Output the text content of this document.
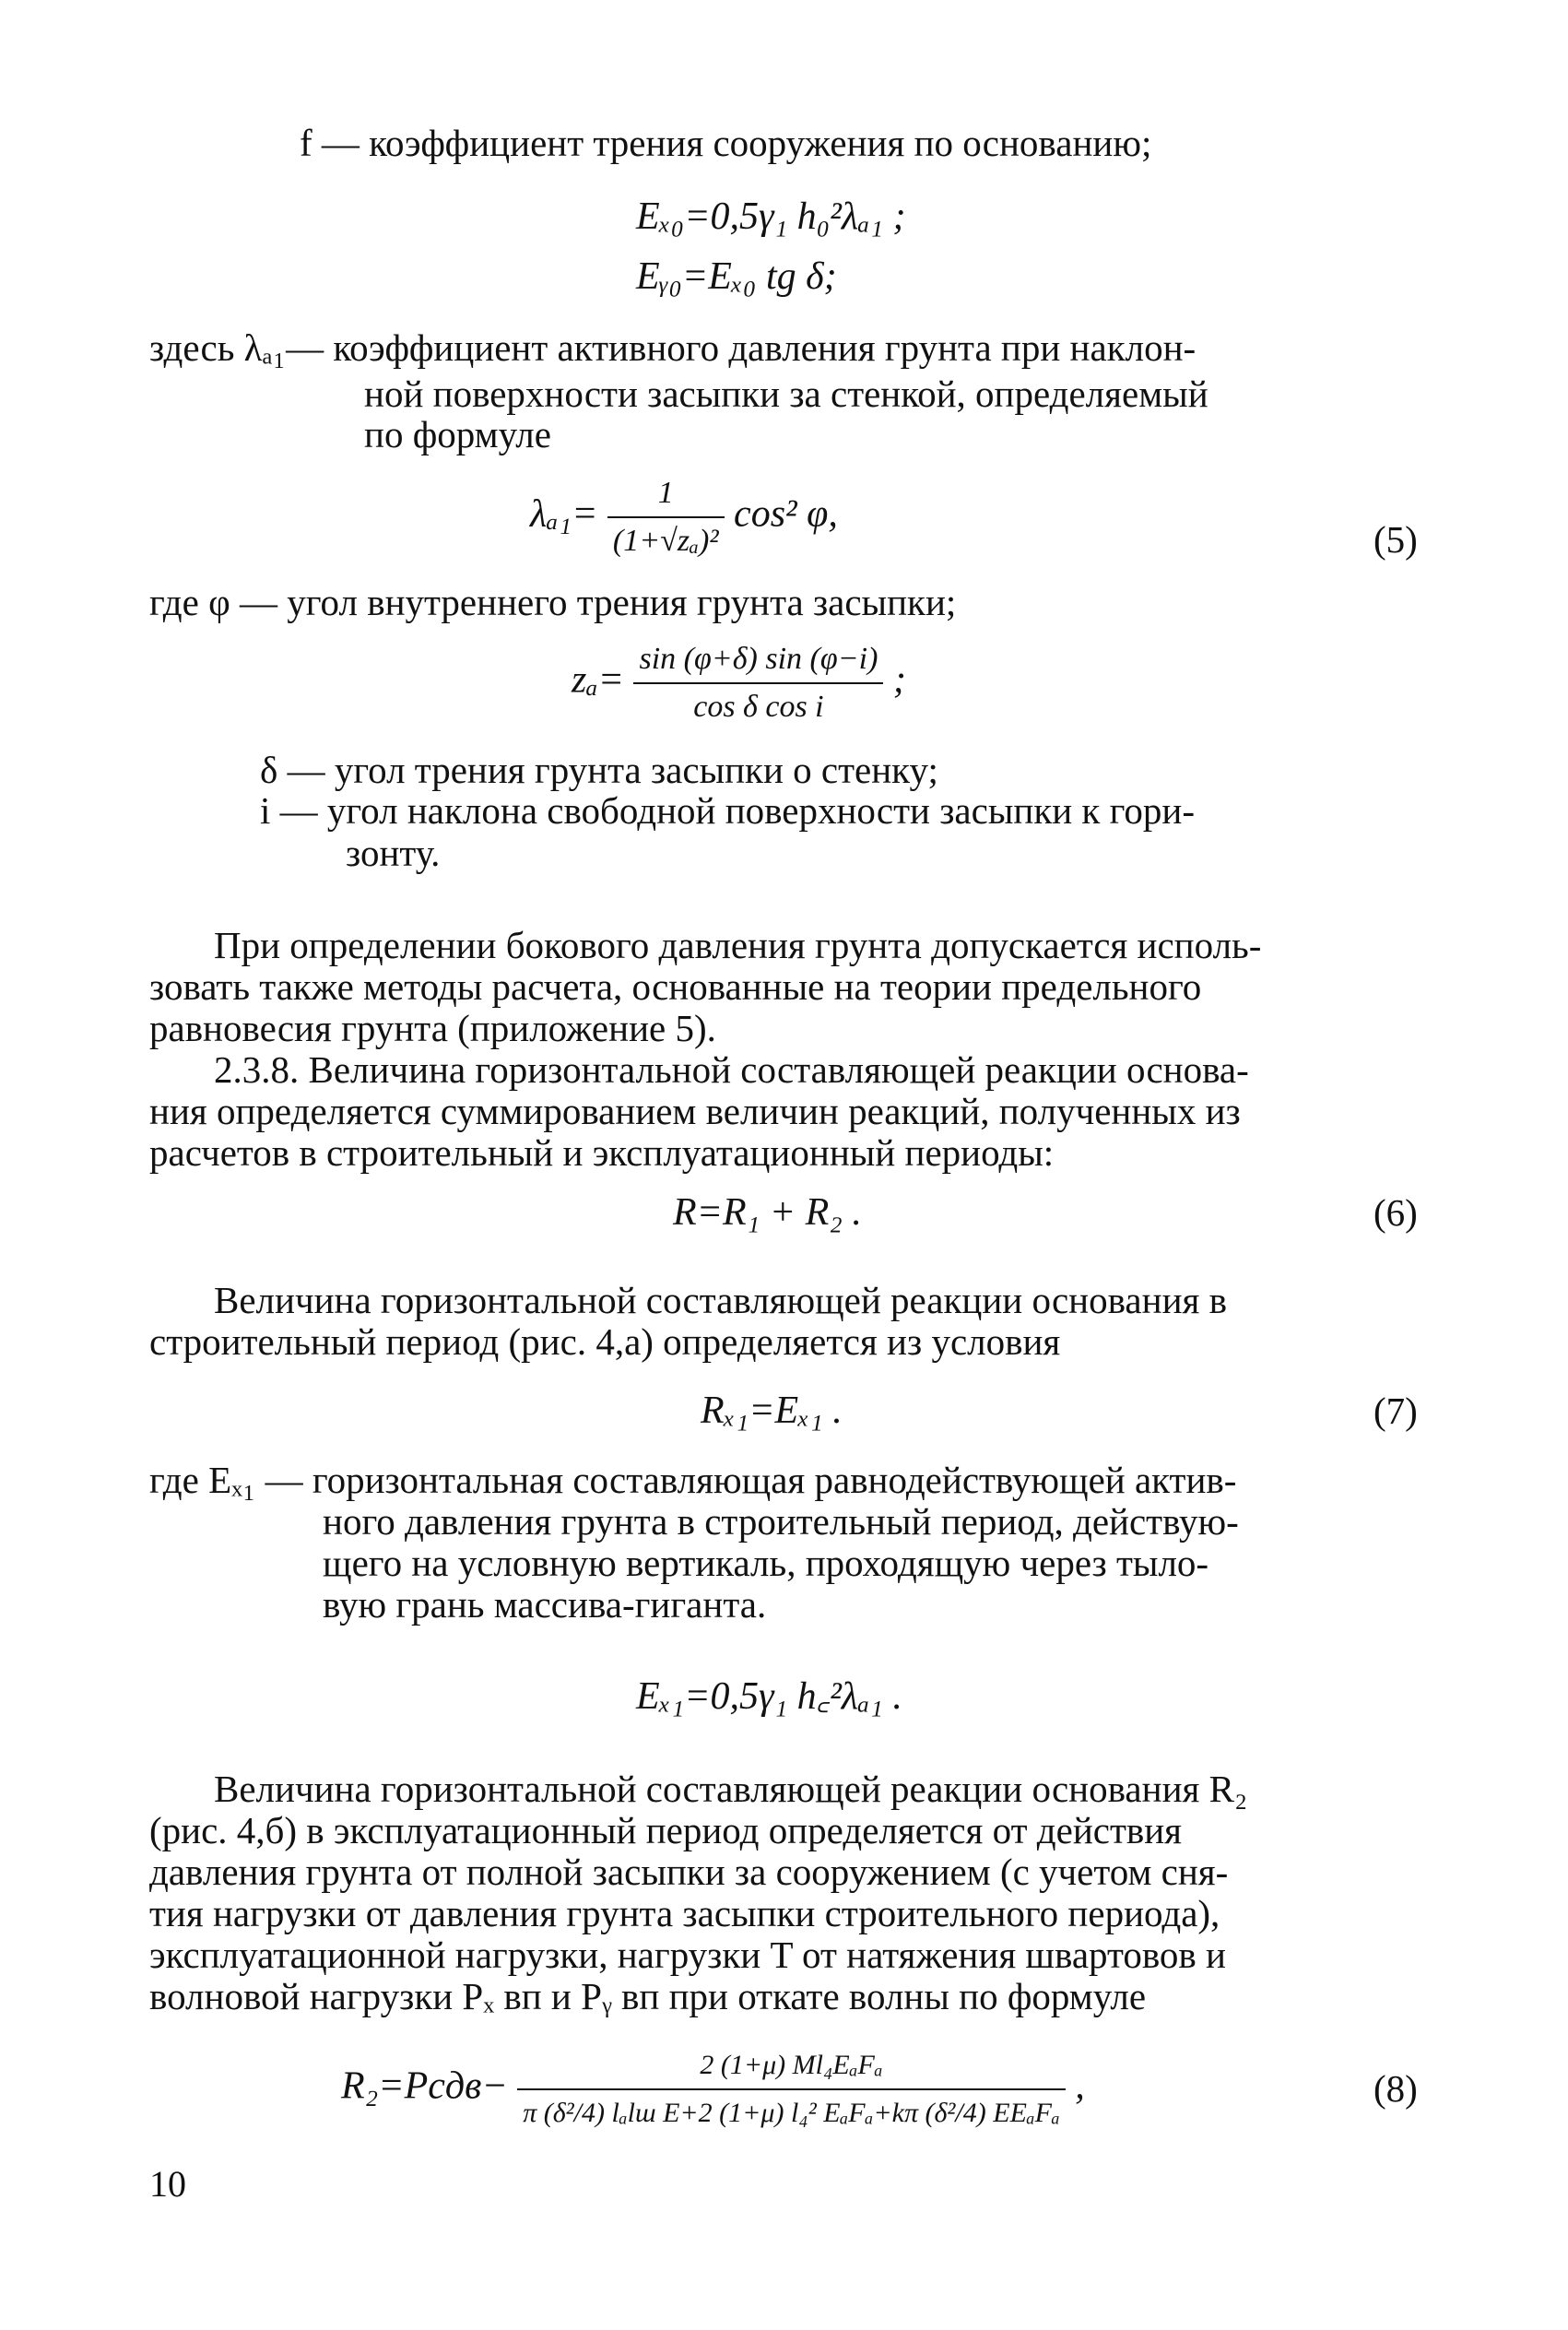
f — коэффициент трения сооружения по основанию;
Eₓ₀=0,5γ₁ h₀²λₐ₁ ;
Eᵧ₀=Eₓ₀ tg δ;
здесь λₐ₁— коэффициент активного давления грунта при наклон-
ной поверхности засыпки за стенкой, определяемый
по формуле
$\lambda_{a1}= \frac{1}{\text{(1+√zₐ)²}} \cos^2$ φ,
(5)
где φ — угол внутреннего трения грунта засыпки;
$z_a= \frac{\sin (\varphi+\delta) \sin (\varphi-i)}{\text{cos δ cos i}}$ ;
δ — угол трения грунта засыпки о стенку;
i — угол наклона свободной поверхности засыпки к гори-
зонту.
При определении бокового давления грунта допускается исполь-
зовать также методы расчета, основанные на теории предельного
равновесия грунта (приложение 5).
2.3.8. Величина горизонтальной составляющей реакции основа-
ния определяется суммированием величин реакций, полученных из
расчетов в строительный и эксплуатационный периоды:
R=R₁ + R₂ .	(6)
Величина горизонтальной составляющей реакции основания в
строительный период (рис. 4,а) определяется из условия
Rₓ₁=Eₓ₁ .	(7)
где Eₓ₁ — горизонтальная составляющая равнодействующей актив-
ного давления грунта в строительный период, действую-
щего на условную вертикаль, проходящую через тыло-
вую грань массива-гиганта.
Eₓ₁=0,5γ₁ h꜀²λₐ₁ .
Величина горизонтальной составляющей реакции основания R₂
(рис. 4,б) в эксплуатационный период определяется от действия
давления грунта от полной засыпки за сооружением (с учетом сня-
тия нагрузки от давления грунта засыпки строительного периода),
эксплуатационной нагрузки, нагрузки T от натяжения швартовов и
волновой нагрузки Pₓ вп и Pᵧ вп при откате волны по формуле
R₂=Pсдв− $\frac{\text{2 (1+μ) Ml₄EₐFₐ}}{\text{π (δ²/4) lₐlш E+2 (1+μ) l₄² EₐFₐ+kπ (δ²/4) EEₐFₐ}}$ ,	(8)
10
